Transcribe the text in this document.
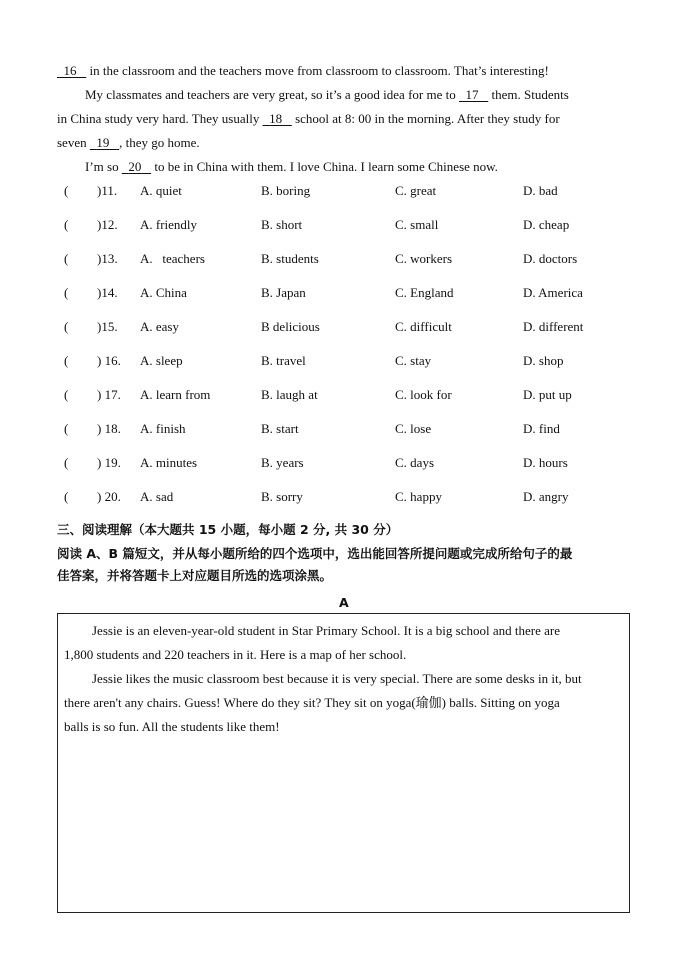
16    in the classroom and the teachers move from classroom to classroom. That’s interesting!
My classmates and teachers are very great, so it’s a good idea for me to   17    them. Students
in China study very hard. They usually   18    school at 8: 00 in the morning. After they study for
seven   19 , they go home.
I’m so   20    to be in China with them. I love China. I learn some Chinese now.
( )11. A. quiet	B. boring	C. great	D. bad
( )12. A. friendly	B. short	C. small	D. cheap
( )13. A.   teachers	B. students	C. workers	D. doctors
( )14. A. China	B. Japan	C. England	D. America
( )15. A. easy	B delicious	C. difficult	D. different
( ) 16. A. sleep	B. travel	C. stay	D. shop
( ) 17. A. learn from	B. laugh at	C. look for	D. put up
( ) 18. A. finish	B. start	C. lose	D. find
( ) 19. A. minutes	B. years	C. days	D. hours
( ) 20. A. sad	B. sorry	C. happy	D. angry
三、阅读理解（本大题共 15 小题，每小题 2 分, 共 30 分）
阅读 A、B 篇短文，并从每小题所给的四个选项中，选出能回答所提问题或完成所给句子的最
佳答案，并将答题卡上对应题目所选的选项涂黑。
A

Jessie is an eleven-year-old student in Star Primary School. It is a big school and there are

1,800 students and 220 teachers in it. Here is a map of her school.

Jessie likes the music classroom best because it is very special. There are some desks in it, but

there aren't any chairs. Guess! Where do they sit? They sit on yoga(瑜伽) balls. Sitting on yoga

balls is so fun. All the students like them!
